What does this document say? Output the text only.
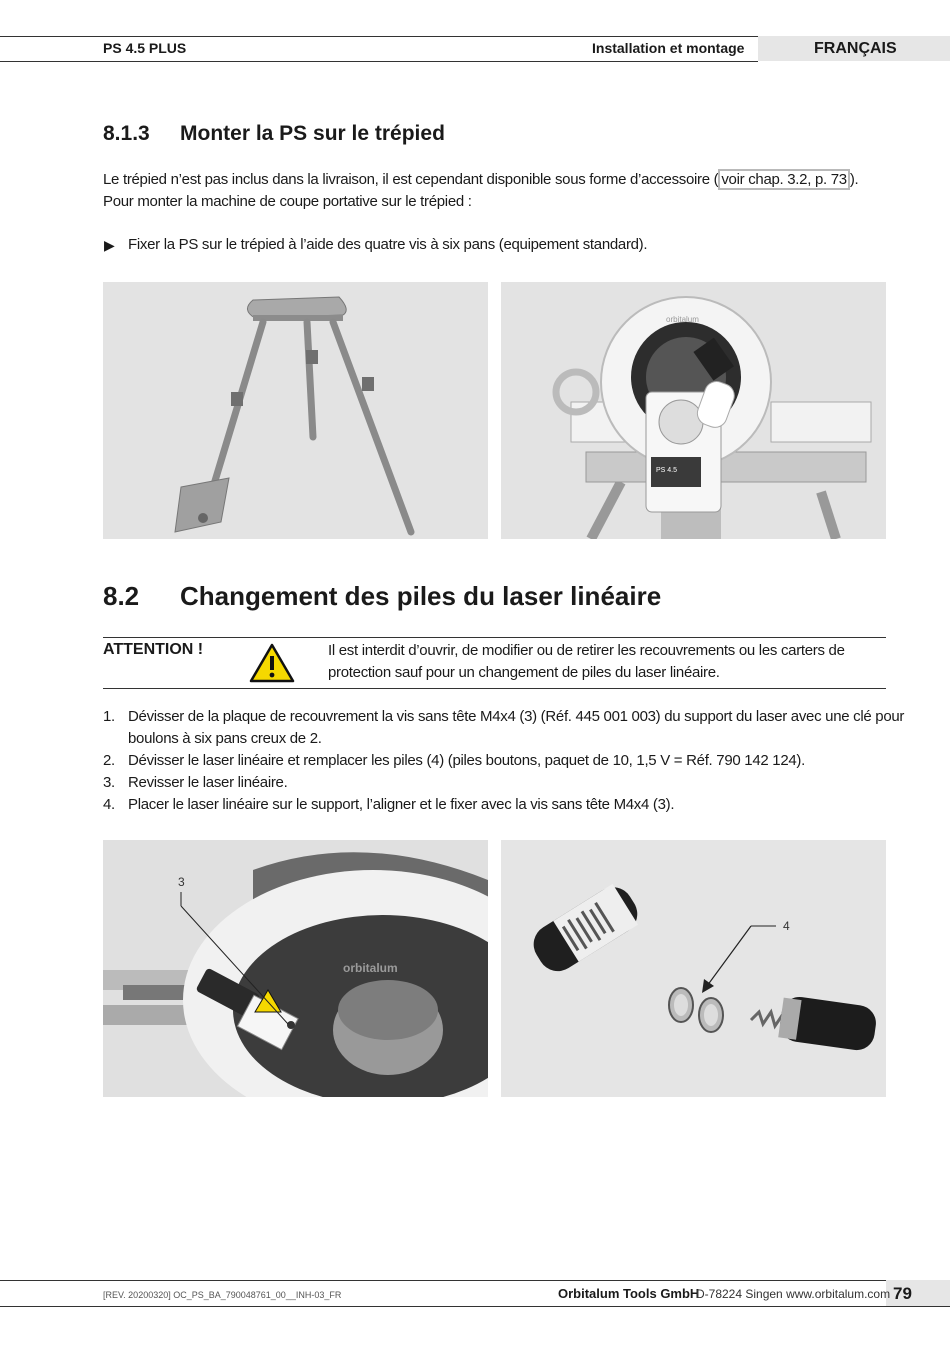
PS 4.5 PLUS	Installation et montage	FRANÇAIS
8.1.3 Monter la PS sur le trépied
Le trépied n’est pas inclus dans la livraison, il est cependant disponible sous forme d’accessoire ( voir chap. 3.2, p. 73 ).
Pour monter la machine de coupe portative sur le trépied :
▶ Fixer la PS sur le trépied à l’aide des quatre vis à six pans (equipement standard).
PS 4.5
orbitalum
8.2 Changement des piles du laser linéaire
ATTENTION !	Il est interdit d’ouvrir, de modifier ou de retirer les recouvrements ou les carters de
protection sauf pour un changement de piles du laser linéaire.
1. Dévisser de la plaque de recouvrement la vis sans tête M4x4 (3) (Réf. 445 001 003) du support du laser avec une clé pour
boulons à six pans creux de 2.
2. Dévisser le laser linéaire et remplacer les piles (4) (piles boutons, paquet de 10, 1,5 V = Réf. 790 142 124).
3. Revisser le laser linéaire.
4. Placer le laser linéaire sur le support, l’aligner et le fixer avec la vis sans tête M4x4 (3).
orbitalum
3
4
[REV. 20200320] OC_PS_BA_790048761_00__INH-03_FR	Orbitalum Tools GmbH
D-78224 Singen www.orbitalum.com 79
